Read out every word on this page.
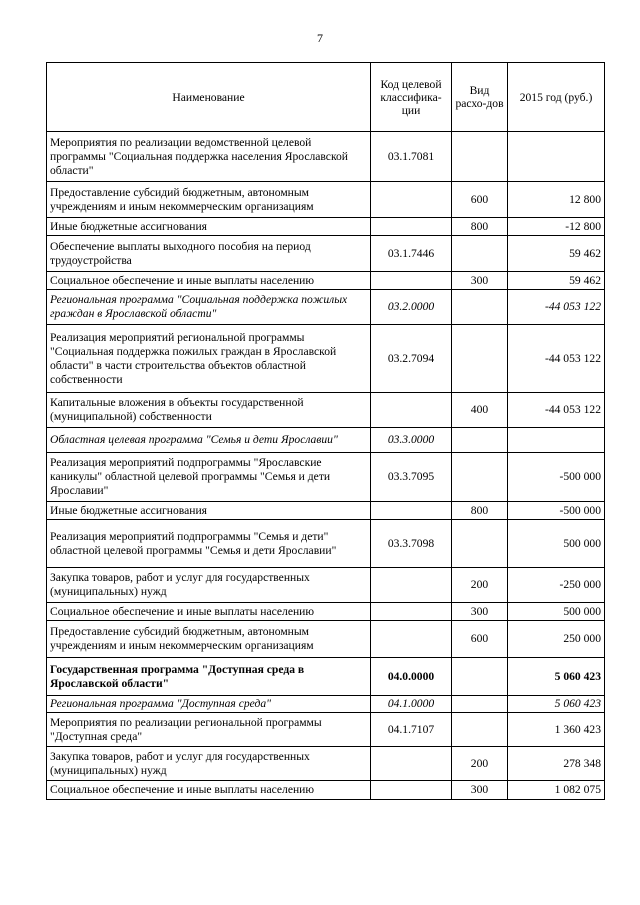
7
Наименование	Код целевой классифика-ции	Вид расхо-дов	2015 год (руб.)
Мероприятия по реализации ведомственной целевой программы "Социальная поддержка населения Ярославской области"	03.1.7081		
Предоставление субсидий бюджетным, автономным учреждениям и иным некоммерческим организациям		600	12 800
Иные бюджетные ассигнования		800	-12 800
Обеспечение выплаты выходного пособия на период трудоустройства	03.1.7446		59 462
Социальное обеспечение и иные выплаты населению		300	59 462
Региональная программа "Социальная поддержка пожилых граждан в Ярославской области"	03.2.0000		-44 053 122
Реализация мероприятий региональной программы "Социальная поддержка пожилых граждан в Ярославской области" в части строительства объектов областной собственности	03.2.7094		-44 053 122
Капитальные вложения в объекты государственной (муниципальной) собственности		400	-44 053 122
Областная целевая программа "Семья и дети Ярославии"	03.3.0000		
Реализация мероприятий подпрограммы "Ярославские каникулы" областной целевой программы "Семья и дети Ярославии"	03.3.7095		-500 000
Иные бюджетные ассигнования		800	-500 000
Реализация мероприятий подпрограммы "Семья и дети" областной целевой программы "Семья и дети Ярославии"	03.3.7098		500 000
Закупка товаров, работ и услуг для государственных (муниципальных) нужд		200	-250 000
Социальное обеспечение и иные выплаты населению		300	500 000
Предоставление субсидий бюджетным, автономным учреждениям и иным некоммерческим организациям		600	250 000
Государственная программа "Доступная среда в Ярославской области"	04.0.0000		5 060 423
Региональная программа "Доступная среда"	04.1.0000		5 060 423
Мероприятия по реализации региональной программы "Доступная среда"	04.1.7107		1 360 423
Закупка товаров, работ и услуг для государственных (муниципальных) нужд		200	278 348
Социальное обеспечение и иные выплаты населению		300	1 082 075
